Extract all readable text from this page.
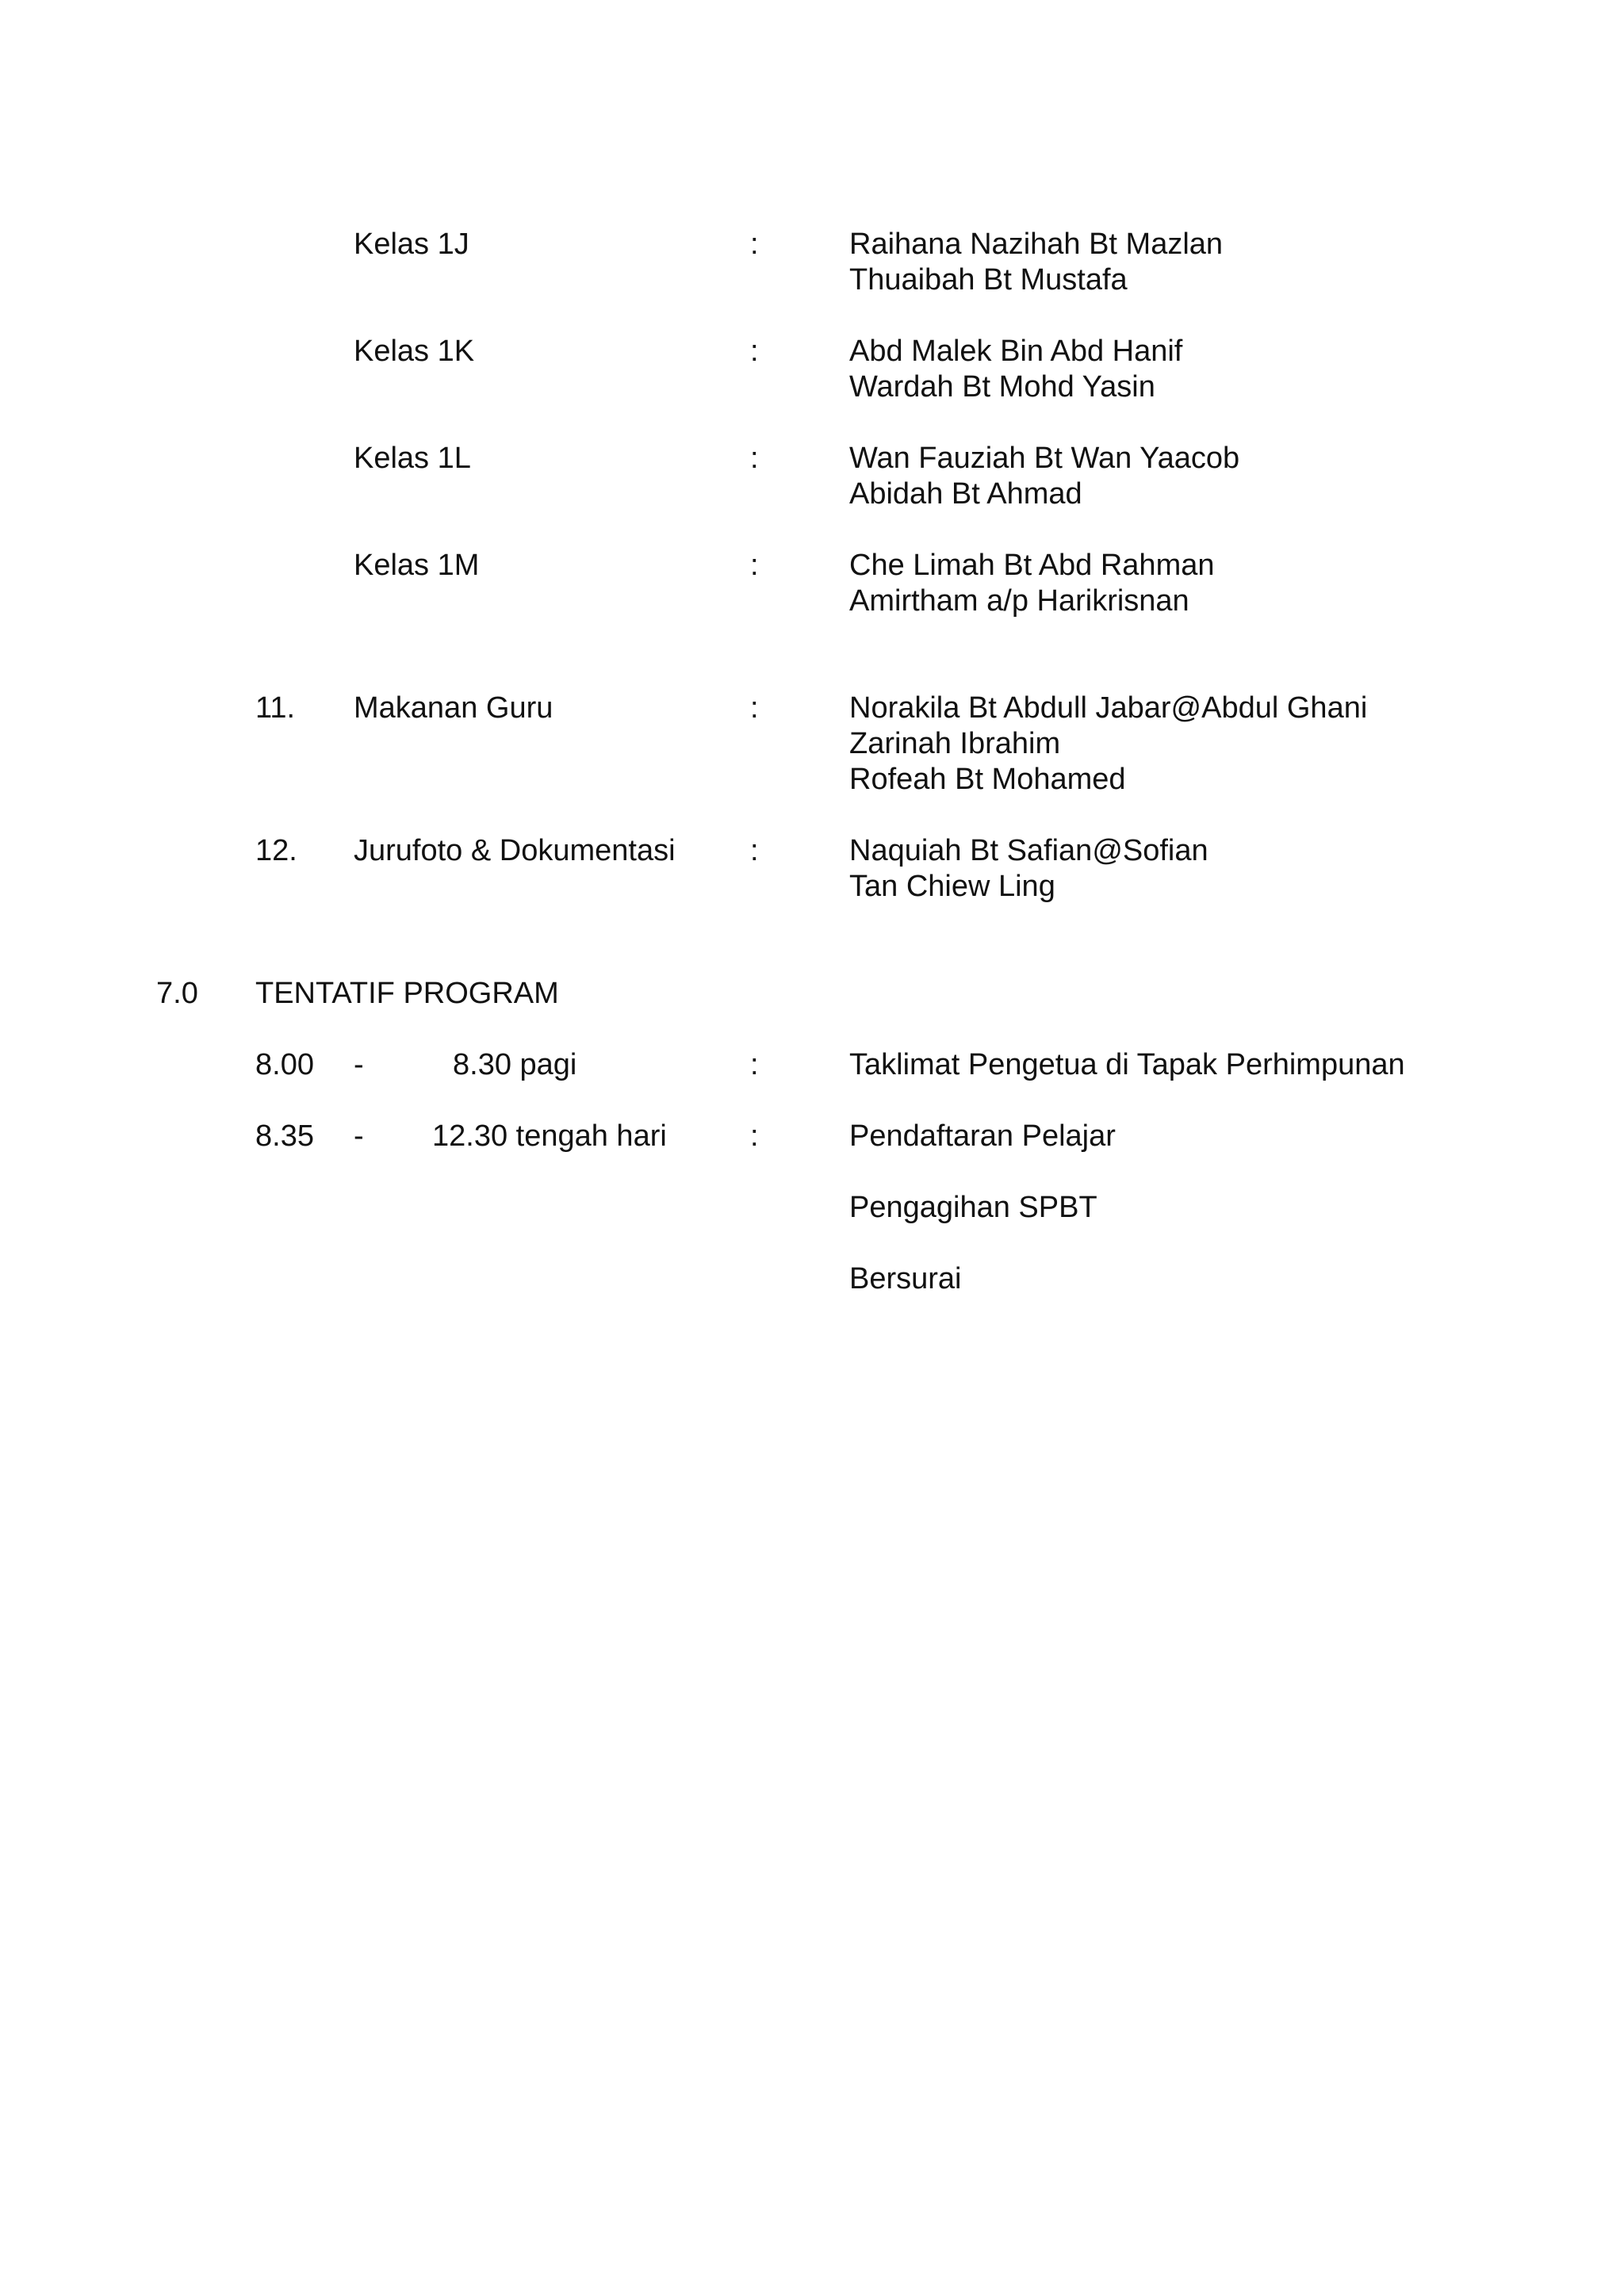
Kelas 1J	:	Raihana Nazihah Bt Mazlan
Thuaibah Bt Mustafa
Kelas 1K	:	Abd Malek Bin Abd Hanif
Wardah Bt Mohd Yasin
Kelas 1L	:	Wan Fauziah Bt Wan Yaacob
Abidah Bt Ahmad
Kelas 1M	:	Che Limah Bt Abd Rahman
Amirtham a/p Harikrisnan
11. Makanan Guru	:	Norakila Bt Abdull Jabar@Abdul Ghani
Zarinah Ibrahim
Rofeah Bt Mohamed
12. Jurufoto & Dokumentasi :	Naquiah Bt Safian@Sofian
Tan Chiew Ling
7.0 TENTATIF PROGRAM
8.00 -	8.30 pagi	:	Taklimat Pengetua di Tapak Perhimpunan
8.35 - 12.30 tengah hari	:	Pendaftaran Pelajar
Pengagihan SPBT
Bersurai
